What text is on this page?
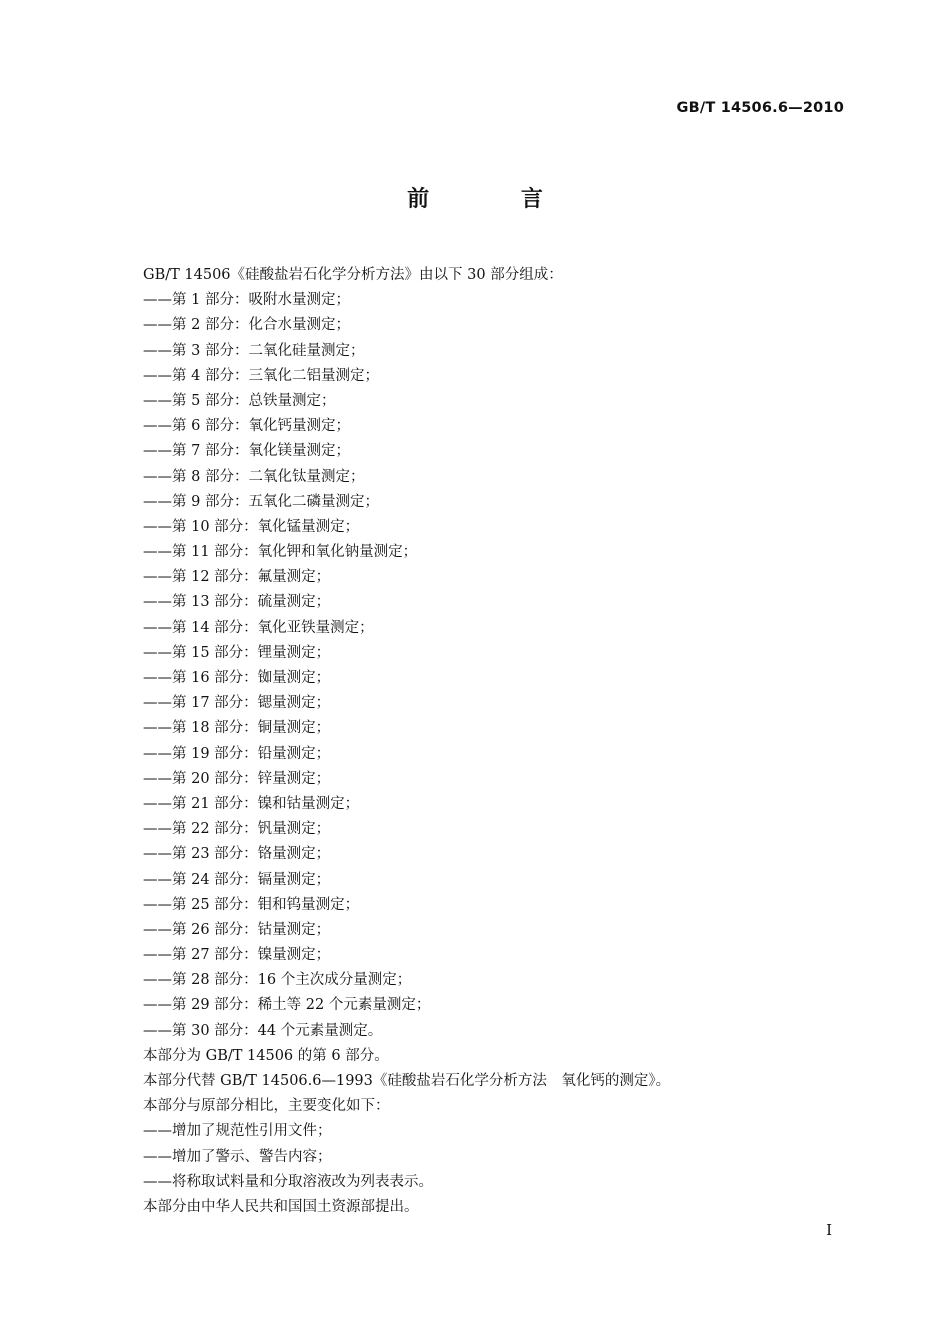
GB/T 14506.6—2010
前 言
GB/T 14506《硅酸盐岩石化学分析方法》由以下 30 部分组成：
——第 1 部分：吸附水量测定；
——第 2 部分：化合水量测定；
——第 3 部分：二氧化硅量测定；
——第 4 部分：三氧化二铝量测定；
——第 5 部分：总铁量测定；
——第 6 部分：氧化钙量测定；
——第 7 部分：氧化镁量测定；
——第 8 部分：二氧化钛量测定；
——第 9 部分：五氧化二磷量测定；
——第 10 部分：氧化锰量测定；
——第 11 部分：氧化钾和氧化钠量测定；
——第 12 部分：氟量测定；
——第 13 部分：硫量测定；
——第 14 部分：氧化亚铁量测定；
——第 15 部分：锂量测定；
——第 16 部分：铷量测定；
——第 17 部分：锶量测定；
——第 18 部分：铜量测定；
——第 19 部分：铅量测定；
——第 20 部分：锌量测定；
——第 21 部分：镍和钴量测定；
——第 22 部分：钒量测定；
——第 23 部分：铬量测定；
——第 24 部分：镉量测定；
——第 25 部分：钼和钨量测定；
——第 26 部分：钴量测定；
——第 27 部分：镍量测定；
——第 28 部分：16 个主次成分量测定；
——第 29 部分：稀土等 22 个元素量测定；
——第 30 部分：44 个元素量测定。
本部分为 GB/T 14506 的第 6 部分。
本部分代替 GB/T 14506.6—1993《硅酸盐岩石化学分析方法　氧化钙的测定》。
本部分与原部分相比，主要变化如下：
——增加了规范性引用文件；
——增加了警示、警告内容；
——将称取试料量和分取溶液改为列表表示。
本部分由中华人民共和国国土资源部提出。
I
